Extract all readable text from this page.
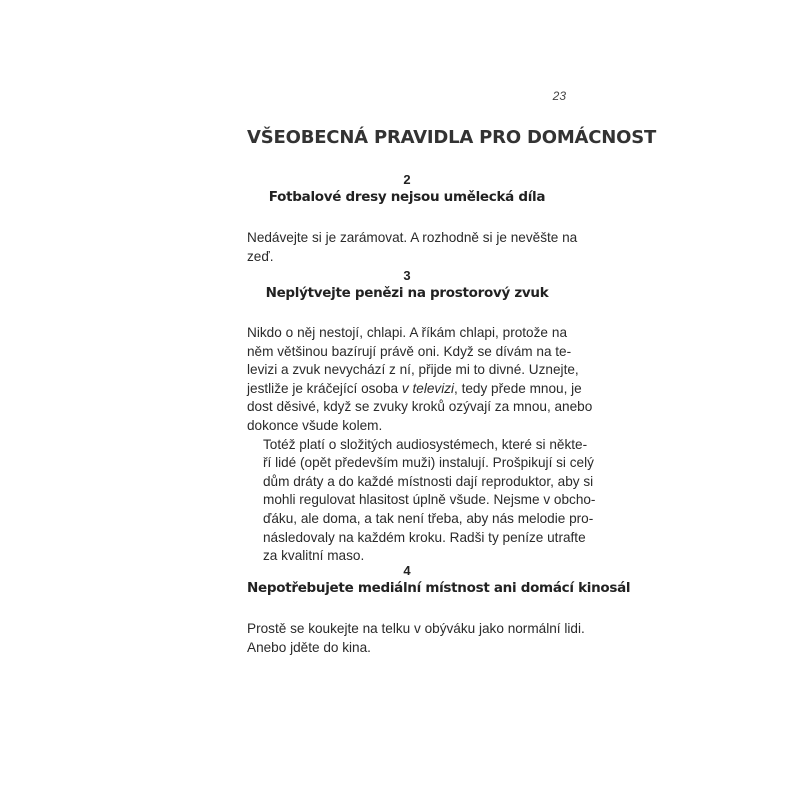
23
VŠEOBECNÁ PRAVIDLA PRO DOMÁCNOST
2
Fotbalové dresy nejsou umělecká díla
Nedávejte si je zarámovat. A rozhodně si je nevěšte na
zeď.
3
Neplýtvejte penězi na prostorový zvuk
Nikdo o něj nestojí, chlapi. A říkám chlapi, protože na
něm většinou bazírují právě oni. Když se dívám na te-
levizi a zvuk nevychází z ní, přijde mi to divné. Uznejte,
jestliže je kráčející osoba v televizi, tedy přede mnou, je
dost děsivé, když se zvuky kroků ozývají za mnou, anebo
dokonce všude kolem.
Totéž platí o složitých audiosystémech, které si někte-
ří lidé (opět především muži) instalují. Prošpikují si celý
dům dráty a do každé místnosti dají reproduktor, aby si
mohli regulovat hlasitost úplně všude. Nejsme v obcho-
ďáku, ale doma, a tak není třeba, aby nás melodie pro-
následovaly na každém kroku. Radši ty peníze utrafte
za kvalitní maso.
4
Nepotřebujete mediální místnost ani domácí kinosál
Prostě se koukejte na telku v obýváku jako normální lidi.
Anebo jděte do kina.
